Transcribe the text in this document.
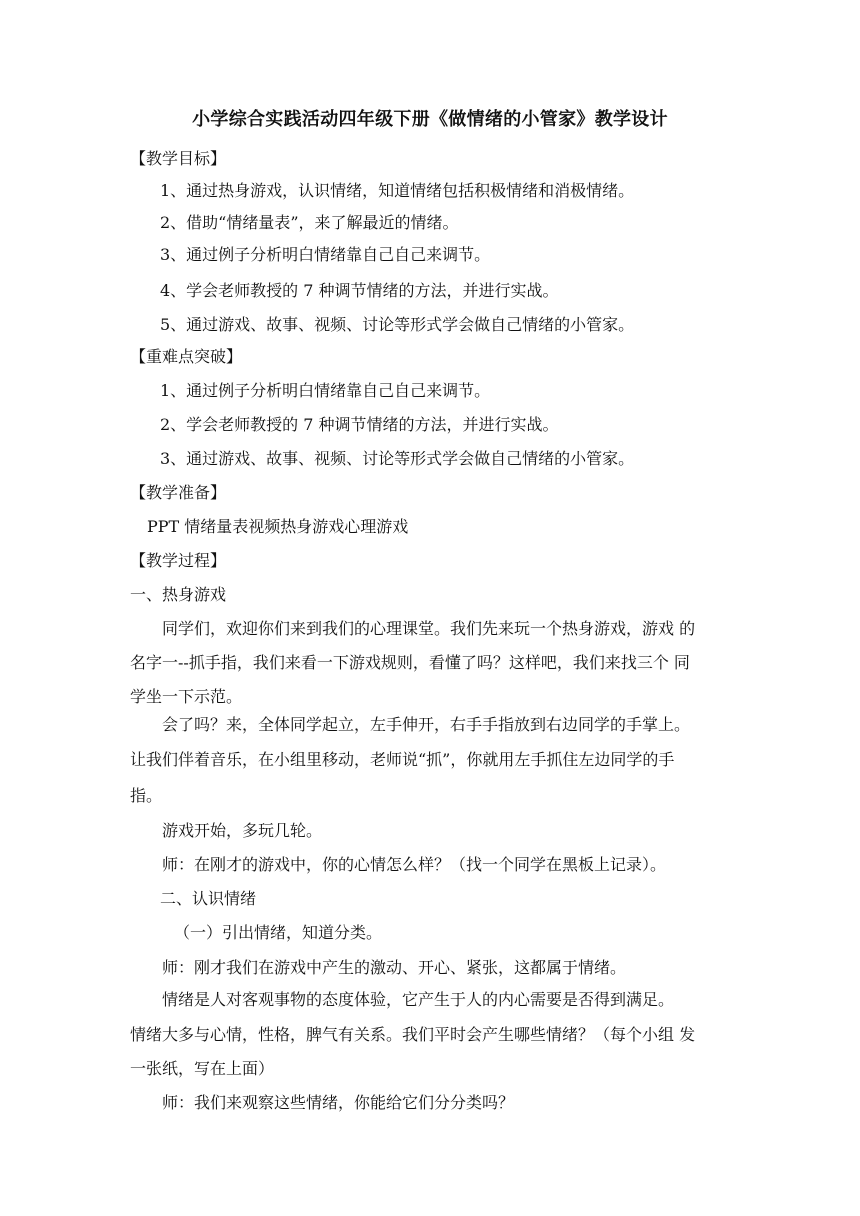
小学综合实践活动四年级下册《做情绪的小管家》教学设计
【教学目标】
1、通过热身游戏，认识情绪，知道情绪包括积极情绪和消极情绪。
2、借助“情绪量表”，来了解最近的情绪。
3、通过例子分析明白情绪靠自己自己来调节。
4、学会老师教授的 7 种调节情绪的方法，并进行实战。
5、通过游戏、故事、视频、讨论等形式学会做自己情绪的小管家。
【重难点突破】
1、通过例子分析明白情绪靠自己自己来调节。
2、学会老师教授的 7 种调节情绪的方法，并进行实战。
3、通过游戏、故事、视频、讨论等形式学会做自己情绪的小管家。
【教学准备】
PPT 情绪量表视频热身游戏心理游戏
【教学过程】
一、热身游戏
同学们，欢迎你们来到我们的心理课堂。我们先来玩一个热身游戏，游戏 的
名字一--抓手指，我们来看一下游戏规则，看懂了吗？这样吧，我们来找三个 同
学坐一下示范。
会了吗？来，全体同学起立，左手伸开，右手手指放到右边同学的手掌上。
让我们伴着音乐，在小组里移动，老师说“抓”，你就用左手抓住左边同学的手
指。
游戏开始，多玩几轮。
师：在刚才的游戏中，你的心情怎么样？（找一个同学在黑板上记录）。
二、认识情绪
（一）引出情绪，知道分类。
师：刚才我们在游戏中产生的激动、开心、紧张，这都属于情绪。
情绪是人对客观事物的态度体验，它产生于人的内心需要是否得到满足。
情绪大多与心情，性格，脾气有关系。我们平时会产生哪些情绪？（每个小组 发
一张纸，写在上面）
师：我们来观察这些情绪，你能给它们分分类吗？
